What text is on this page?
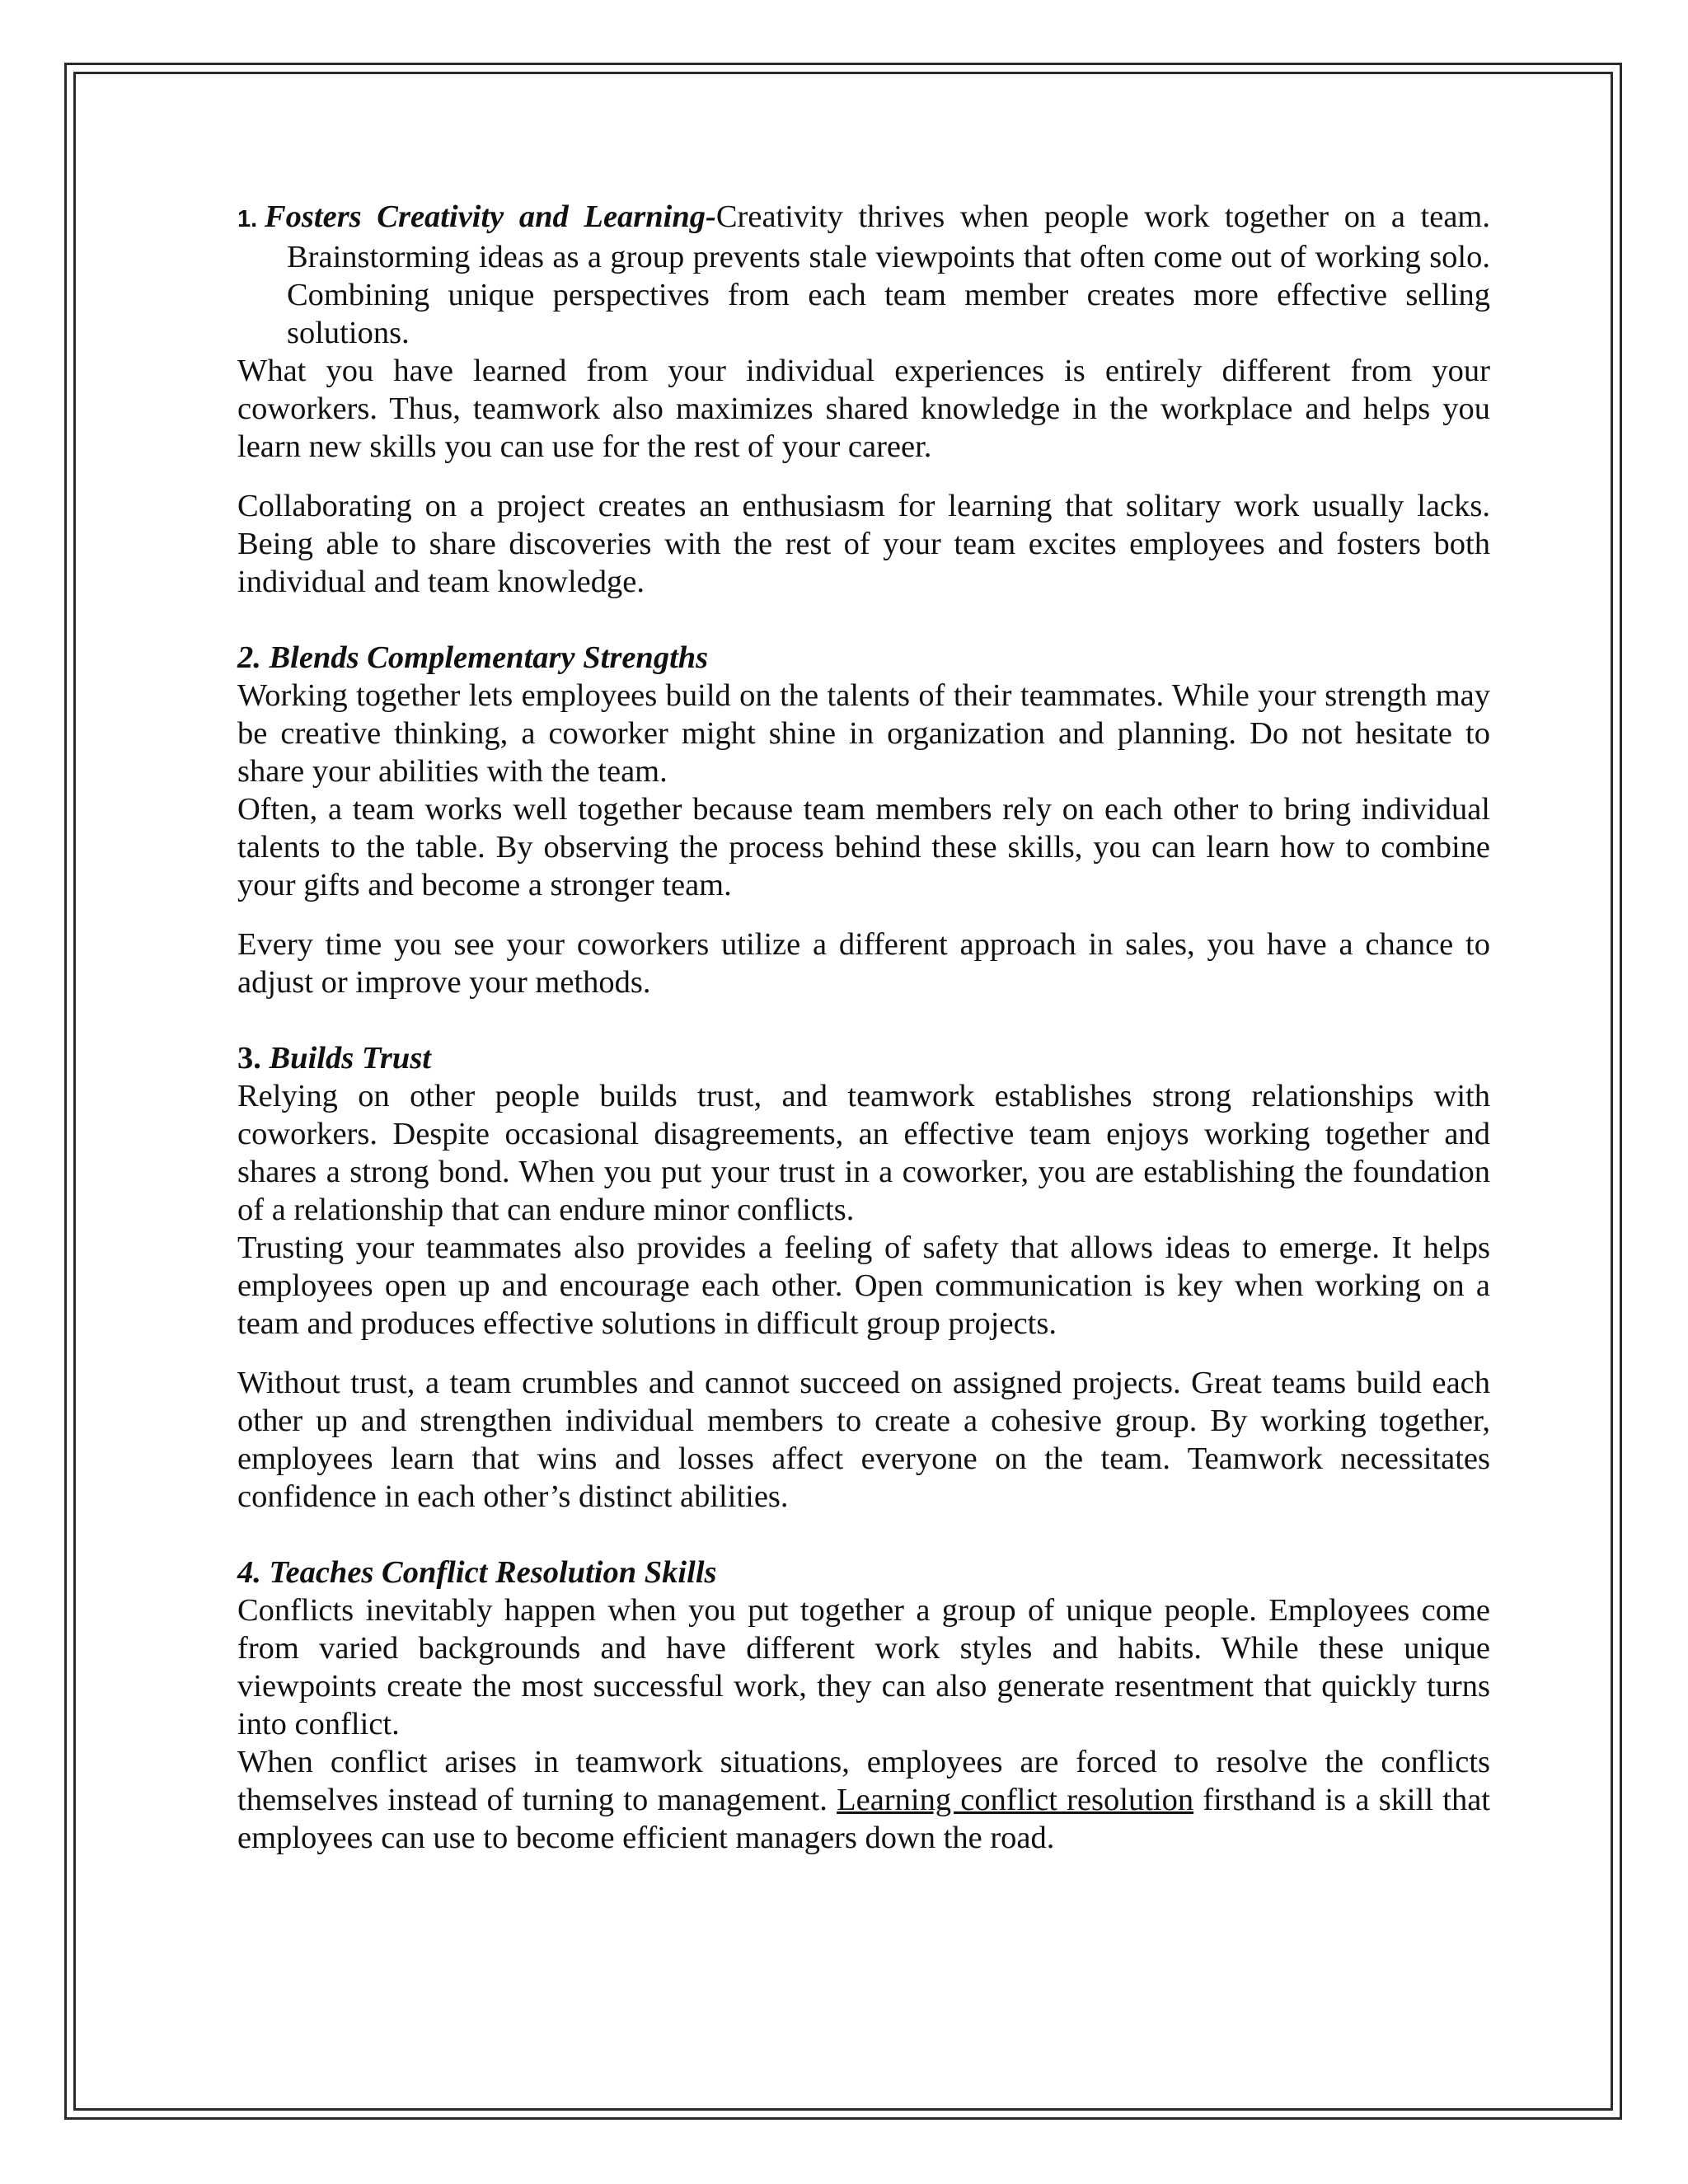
1. Fosters Creativity and Learning-Creativity thrives when people work together on a team. Brainstorming ideas as a group prevents stale viewpoints that often come out of working solo. Combining unique perspectives from each team member creates more effective selling solutions.

What you have learned from your individual experiences is entirely different from your coworkers. Thus, teamwork also maximizes shared knowledge in the workplace and helps you learn new skills you can use for the rest of your career.

Collaborating on a project creates an enthusiasm for learning that solitary work usually lacks. Being able to share discoveries with the rest of your team excites employees and fosters both individual and team knowledge.

2. Blends Complementary Strengths

Working together lets employees build on the talents of their teammates. While your strength may be creative thinking, a coworker might shine in organization and planning. Do not hesitate to share your abilities with the team.

Often, a team works well together because team members rely on each other to bring individual talents to the table. By observing the process behind these skills, you can learn how to combine your gifts and become a stronger team.

Every time you see your coworkers utilize a different approach in sales, you have a chance to adjust or improve your methods.

3. Builds Trust

Relying on other people builds trust, and teamwork establishes strong relationships with coworkers. Despite occasional disagreements, an effective team enjoys working together and shares a strong bond. When you put your trust in a coworker, you are establishing the foundation of a relationship that can endure minor conflicts.

Trusting your teammates also provides a feeling of safety that allows ideas to emerge. It helps employees open up and encourage each other. Open communication is key when working on a team and produces effective solutions in difficult group projects.

Without trust, a team crumbles and cannot succeed on assigned projects. Great teams build each other up and strengthen individual members to create a cohesive group. By working together, employees learn that wins and losses affect everyone on the team. Teamwork necessitates confidence in each other’s distinct abilities.

4. Teaches Conflict Resolution Skills

Conflicts inevitably happen when you put together a group of unique people. Employees come from varied backgrounds and have different work styles and habits. While these unique viewpoints create the most successful work, they can also generate resentment that quickly turns into conflict.

When conflict arises in teamwork situations, employees are forced to resolve the conflicts themselves instead of turning to management. Learning conflict resolution firsthand is a skill that employees can use to become efficient managers down the road.
